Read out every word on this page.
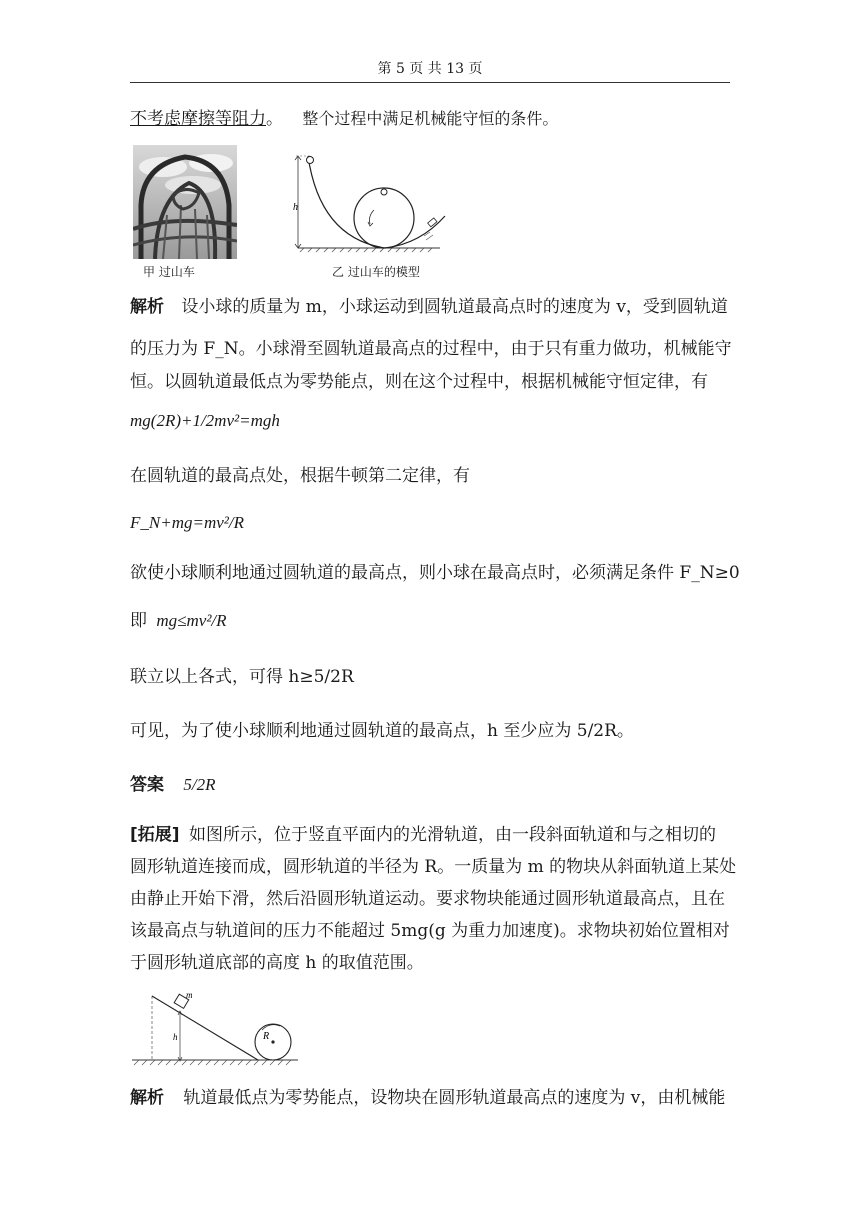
第 5 页 共 13 页
不考虑摩擦等阻力。 整个过程中满足机械能守恒的条件。
甲 过山车
h
乙 过山车的模型
解析 设小球的质量为 m，小球运动到圆轨道最高点时的速度为 v，受到圆轨道
的压力为 F_N。小球滑至圆轨道最高点的过程中，由于只有重力做功，机械能守
恒。以圆轨道最低点为零势能点，则在这个过程中，根据机械能守恒定律，有
mg(2R)+1/2mv²=mgh
在圆轨道的最高点处，根据牛顿第二定律，有
F_N+mg=mv²/R
欲使小球顺利地通过圆轨道的最高点，则小球在最高点时，必须满足条件 F_N≥0
即 mg≤mv²/R
联立以上各式，可得 h≥5/2R
可见，为了使小球顺利地通过圆轨道的最高点，h 至少应为 5/2R。
答案 5/2R
[拓展] 如图所示，位于竖直平面内的光滑轨道，由一段斜面轨道和与之相切的
圆形轨道连接而成，圆形轨道的半径为 R。一质量为 m 的物块从斜面轨道上某处
由静止开始下滑，然后沿圆形轨道运动。要求物块能通过圆形轨道最高点，且在
该最高点与轨道间的压力不能超过 5mg(g 为重力加速度)。求物块初始位置相对
于圆形轨道底部的高度 h 的取值范围。
R
m
h
解析 轨道最低点为零势能点，设物块在圆形轨道最高点的速度为 v，由机械能
